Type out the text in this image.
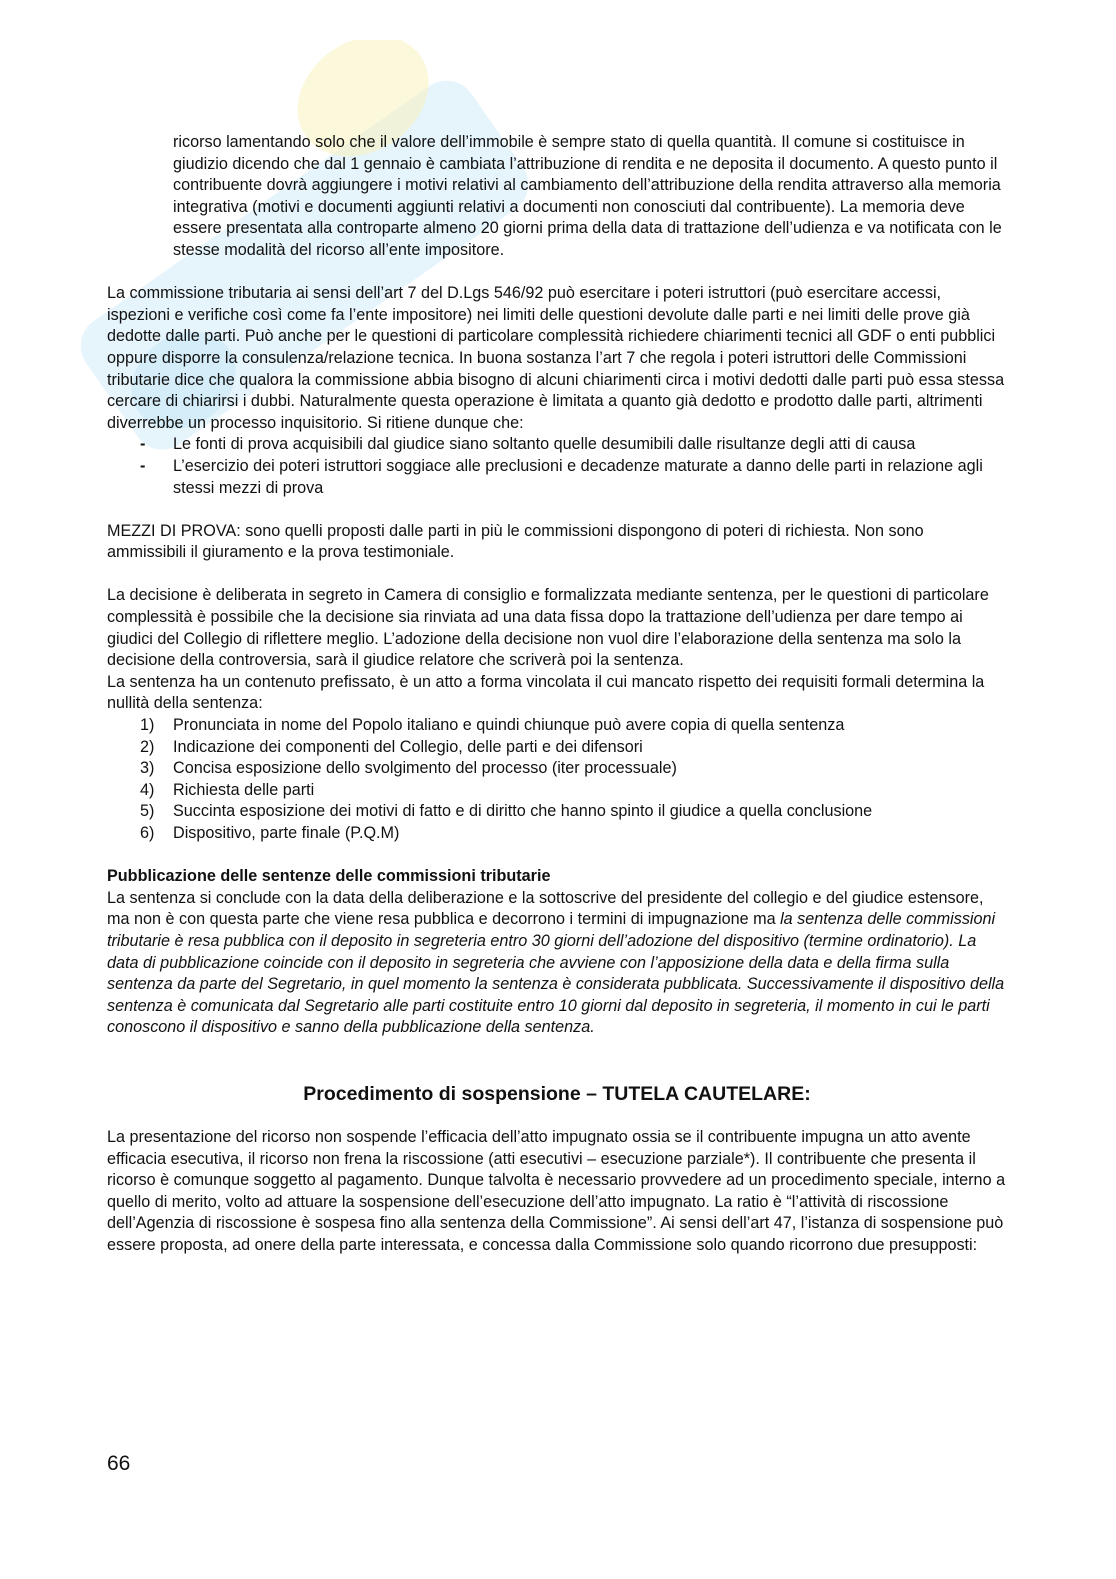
ricorso lamentando solo che il valore dell’immobile è sempre stato di quella quantità. Il comune si costituisce in giudizio dicendo che dal 1 gennaio è cambiata l’attribuzione di rendita e ne deposita il documento. A questo punto il contribuente dovrà aggiungere i motivi relativi al cambiamento dell’attribuzione della rendita attraverso alla memoria integrativa (motivi e documenti aggiunti relativi a documenti non conosciuti dal contribuente). La memoria deve essere presentata alla controparte almeno 20 giorni prima della data di trattazione dell’udienza e va notificata con le stesse modalità del ricorso all’ente impositore.

La commissione tributaria ai sensi dell’art 7 del D.Lgs 546/92 può esercitare i poteri istruttori (può esercitare accessi, ispezioni e verifiche così come fa l’ente impositore) nei limiti delle questioni devolute dalle parti e nei limiti delle prove già dedotte dalle parti. Può anche per le questioni di particolare complessità richiedere chiarimenti tecnici all GDF o enti pubblici oppure disporre la consulenza/relazione tecnica. In buona sostanza l’art 7 che regola i poteri istruttori delle Commissioni tributarie dice che qualora la commissione abbia bisogno di alcuni chiarimenti circa i motivi dedotti dalle parti può essa stessa cercare di chiarirsi i dubbi. Naturalmente questa operazione è limitata a quanto già dedotto e prodotto dalle parti, altrimenti diverrebbe un processo inquisitorio. Si ritiene dunque che:

- Le fonti di prova acquisibili dal giudice siano soltanto quelle desumibili dalle risultanze degli atti di causa
- L’esercizio dei poteri istruttori soggiace alle preclusioni e decadenze maturate a danno delle parti in relazione agli stessi mezzi di prova

MEZZI DI PROVA: sono quelli proposti dalle parti in più le commissioni dispongono di poteri di richiesta. Non sono ammissibili il giuramento e la prova testimoniale.

La decisione è deliberata in segreto in Camera di consiglio e formalizzata mediante sentenza, per le questioni di particolare complessità è possibile che la decisione sia rinviata ad una data fissa dopo la trattazione dell’udienza per dare tempo ai giudici del Collegio di riflettere meglio. L’adozione della decisione non vuol dire l’elaborazione della sentenza ma solo la decisione della controversia, sarà il giudice relatore che scriverà poi la sentenza.

La sentenza ha un contenuto prefissato, è un atto a forma vincolata il cui mancato rispetto dei requisiti formali determina la nullità della sentenza:

1) Pronunciata in nome del Popolo italiano e quindi chiunque può avere copia di quella sentenza
2) Indicazione dei componenti del Collegio, delle parti e dei difensori
3) Concisa esposizione dello svolgimento del processo (iter processuale)
4) Richiesta delle parti
5) Succinta esposizione dei motivi di fatto e di diritto che hanno spinto il giudice a quella conclusione
6) Dispositivo, parte finale (P.Q.M)

Pubblicazione delle sentenze delle commissioni tributarie

La sentenza si conclude con la data della deliberazione e la sottoscrive del presidente del collegio e del giudice estensore, ma non è con questa parte che viene resa pubblica e decorrono i termini di impugnazione ma la sentenza delle commissioni tributarie è resa pubblica con il deposito in segreteria entro 30 giorni dell’adozione del dispositivo (termine ordinatorio). La data di pubblicazione coincide con il deposito in segreteria che avviene con l’apposizione della data e della firma sulla sentenza da parte del Segretario, in quel momento la sentenza è considerata pubblicata. Successivamente il dispositivo della sentenza è comunicata dal Segretario alle parti costituite entro 10 giorni dal deposito in segreteria, il momento in cui le parti conoscono il dispositivo e sanno della pubblicazione della sentenza.

Procedimento di sospensione – TUTELA CAUTELARE:

La presentazione del ricorso non sospende l’efficacia dell’atto impugnato ossia se il contribuente impugna un atto avente efficacia esecutiva, il ricorso non frena la riscossione (atti esecutivi – esecuzione parziale*). Il contribuente che presenta il ricorso è comunque soggetto al pagamento. Dunque talvolta è necessario provvedere ad un procedimento speciale, interno a quello di merito, volto ad attuare la sospensione dell’esecuzione dell’atto impugnato. La ratio è “l’attività di riscossione dell’Agenzia di riscossione è sospesa fino alla sentenza della Commissione”. Ai sensi dell’art 47, l’istanza di sospensione può essere proposta, ad onere della parte interessata, e concessa dalla Commissione solo quando ricorrono due presupposti:

66
